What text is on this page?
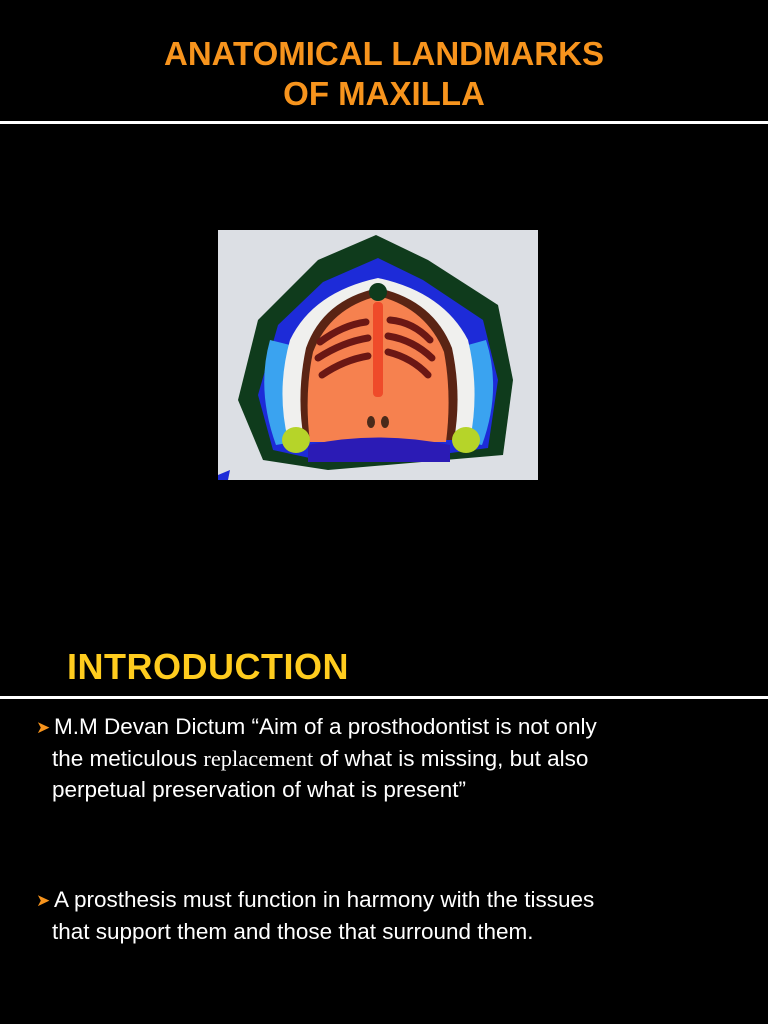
ANATOMICAL LANDMARKS
OF MAXILLA
INTRODUCTION

➤ M.M Devan Dictum “Aim of a prosthodontist is not only
the meticulous replacement of what is missing, but also
perpetual preservation of what is present”

➤ A prosthesis must function in harmony with the tissues
that support them and those that surround them.
